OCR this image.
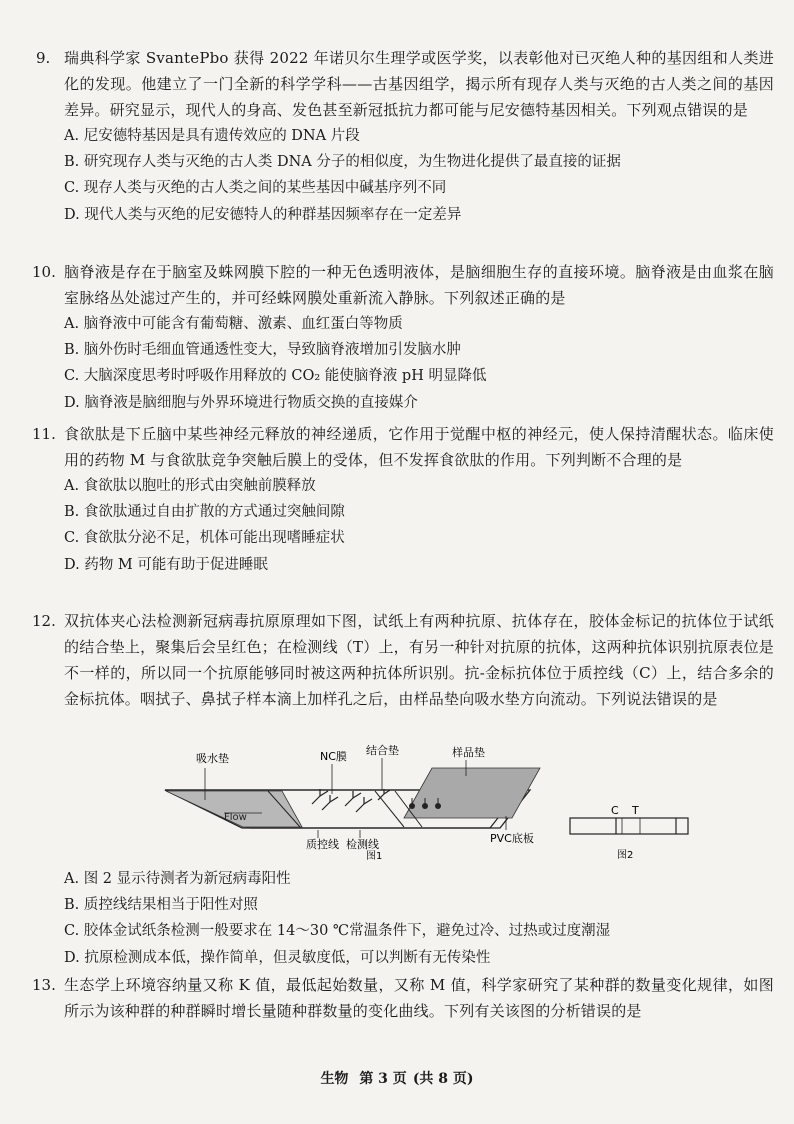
9. 瑞典科学家 SvantePbo 获得 2022 年诺贝尔生理学或医学奖，以表彰他对已灭绝人种的基因组和人类进化的发现。他建立了一门全新的科学学科——古基因组学，揭示所有现存人类与灭绝的古人类之间的基因差异。研究显示，现代人的身高、发色甚至新冠抵抗力都可能与尼安德特基因相关。下列观点错误的是
A. 尼安德特基因是具有遗传效应的 DNA 片段
B. 研究现存人类与灭绝的古人类 DNA 分子的相似度，为生物进化提供了最直接的证据
C. 现存人类与灭绝的古人类之间的某些基因中碱基序列不同
D. 现代人类与灭绝的尼安德特人的种群基因频率存在一定差异
10. 脑脊液是存在于脑室及蛛网膜下腔的一种无色透明液体，是脑细胞生存的直接环境。脑脊液是由血浆在脑室脉络丛处滤过产生的，并可经蛛网膜处重新流入静脉。下列叙述正确的是
A. 脑脊液中可能含有葡萄糖、激素、血红蛋白等物质
B. 脑外伤时毛细血管通透性变大，导致脑脊液增加引发脑水肿
C. 大脑深度思考时呼吸作用释放的 CO₂ 能使脑脊液 pH 明显降低
D. 脑脊液是脑细胞与外界环境进行物质交换的直接媒介
11. 食欲肽是下丘脑中某些神经元释放的神经递质，它作用于觉醒中枢的神经元，使人保持清醒状态。临床使用的药物 M 与食欲肽竞争突触后膜上的受体，但不发挥食欲肽的作用。下列判断不合理的是
A. 食欲肽以胞吐的形式由突触前膜释放
B. 食欲肽通过自由扩散的方式通过突触间隙
C. 食欲肽分泌不足，机体可能出现嗜睡症状
D. 药物 M 可能有助于促进睡眠
12. 双抗体夹心法检测新冠病毒抗原原理如下图，试纸上有两种抗原、抗体存在，胶体金标记的抗体位于试纸的结合垫上，聚集后会呈红色；在检测线（T）上，有另一种针对抗原的抗体，这两种抗体识别抗原表位是不一样的，所以同一个抗原能够同时被这两种抗体所识别。抗-金标抗体位于质控线（C）上，结合多余的金标抗体。咽拭子、鼻拭子样本滴上加样孔之后，由样品垫向吸水垫方向流动。下列说法错误的是
Flow
吸水垫	NC膜 结合垫	样品垫
质控线 检测线
图1
PVC底板
C T
图2
A. 图 2 显示待测者为新冠病毒阳性
B. 质控线结果相当于阳性对照
C. 胶体金试纸条检测一般要求在 14～30 ℃常温条件下，避免过冷、过热或过度潮湿
D. 抗原检测成本低，操作简单，但灵敏度低，可以判断有无传染性
13. 生态学上环境容纳量又称 K 值，最低起始数量，又称 M 值，科学家研究了某种群的数量变化规律，如图所示为该种群的种群瞬时增长量随种群数量的变化曲线。下列有关该图的分析错误的是
生物 第 3 页 (共 8 页)
